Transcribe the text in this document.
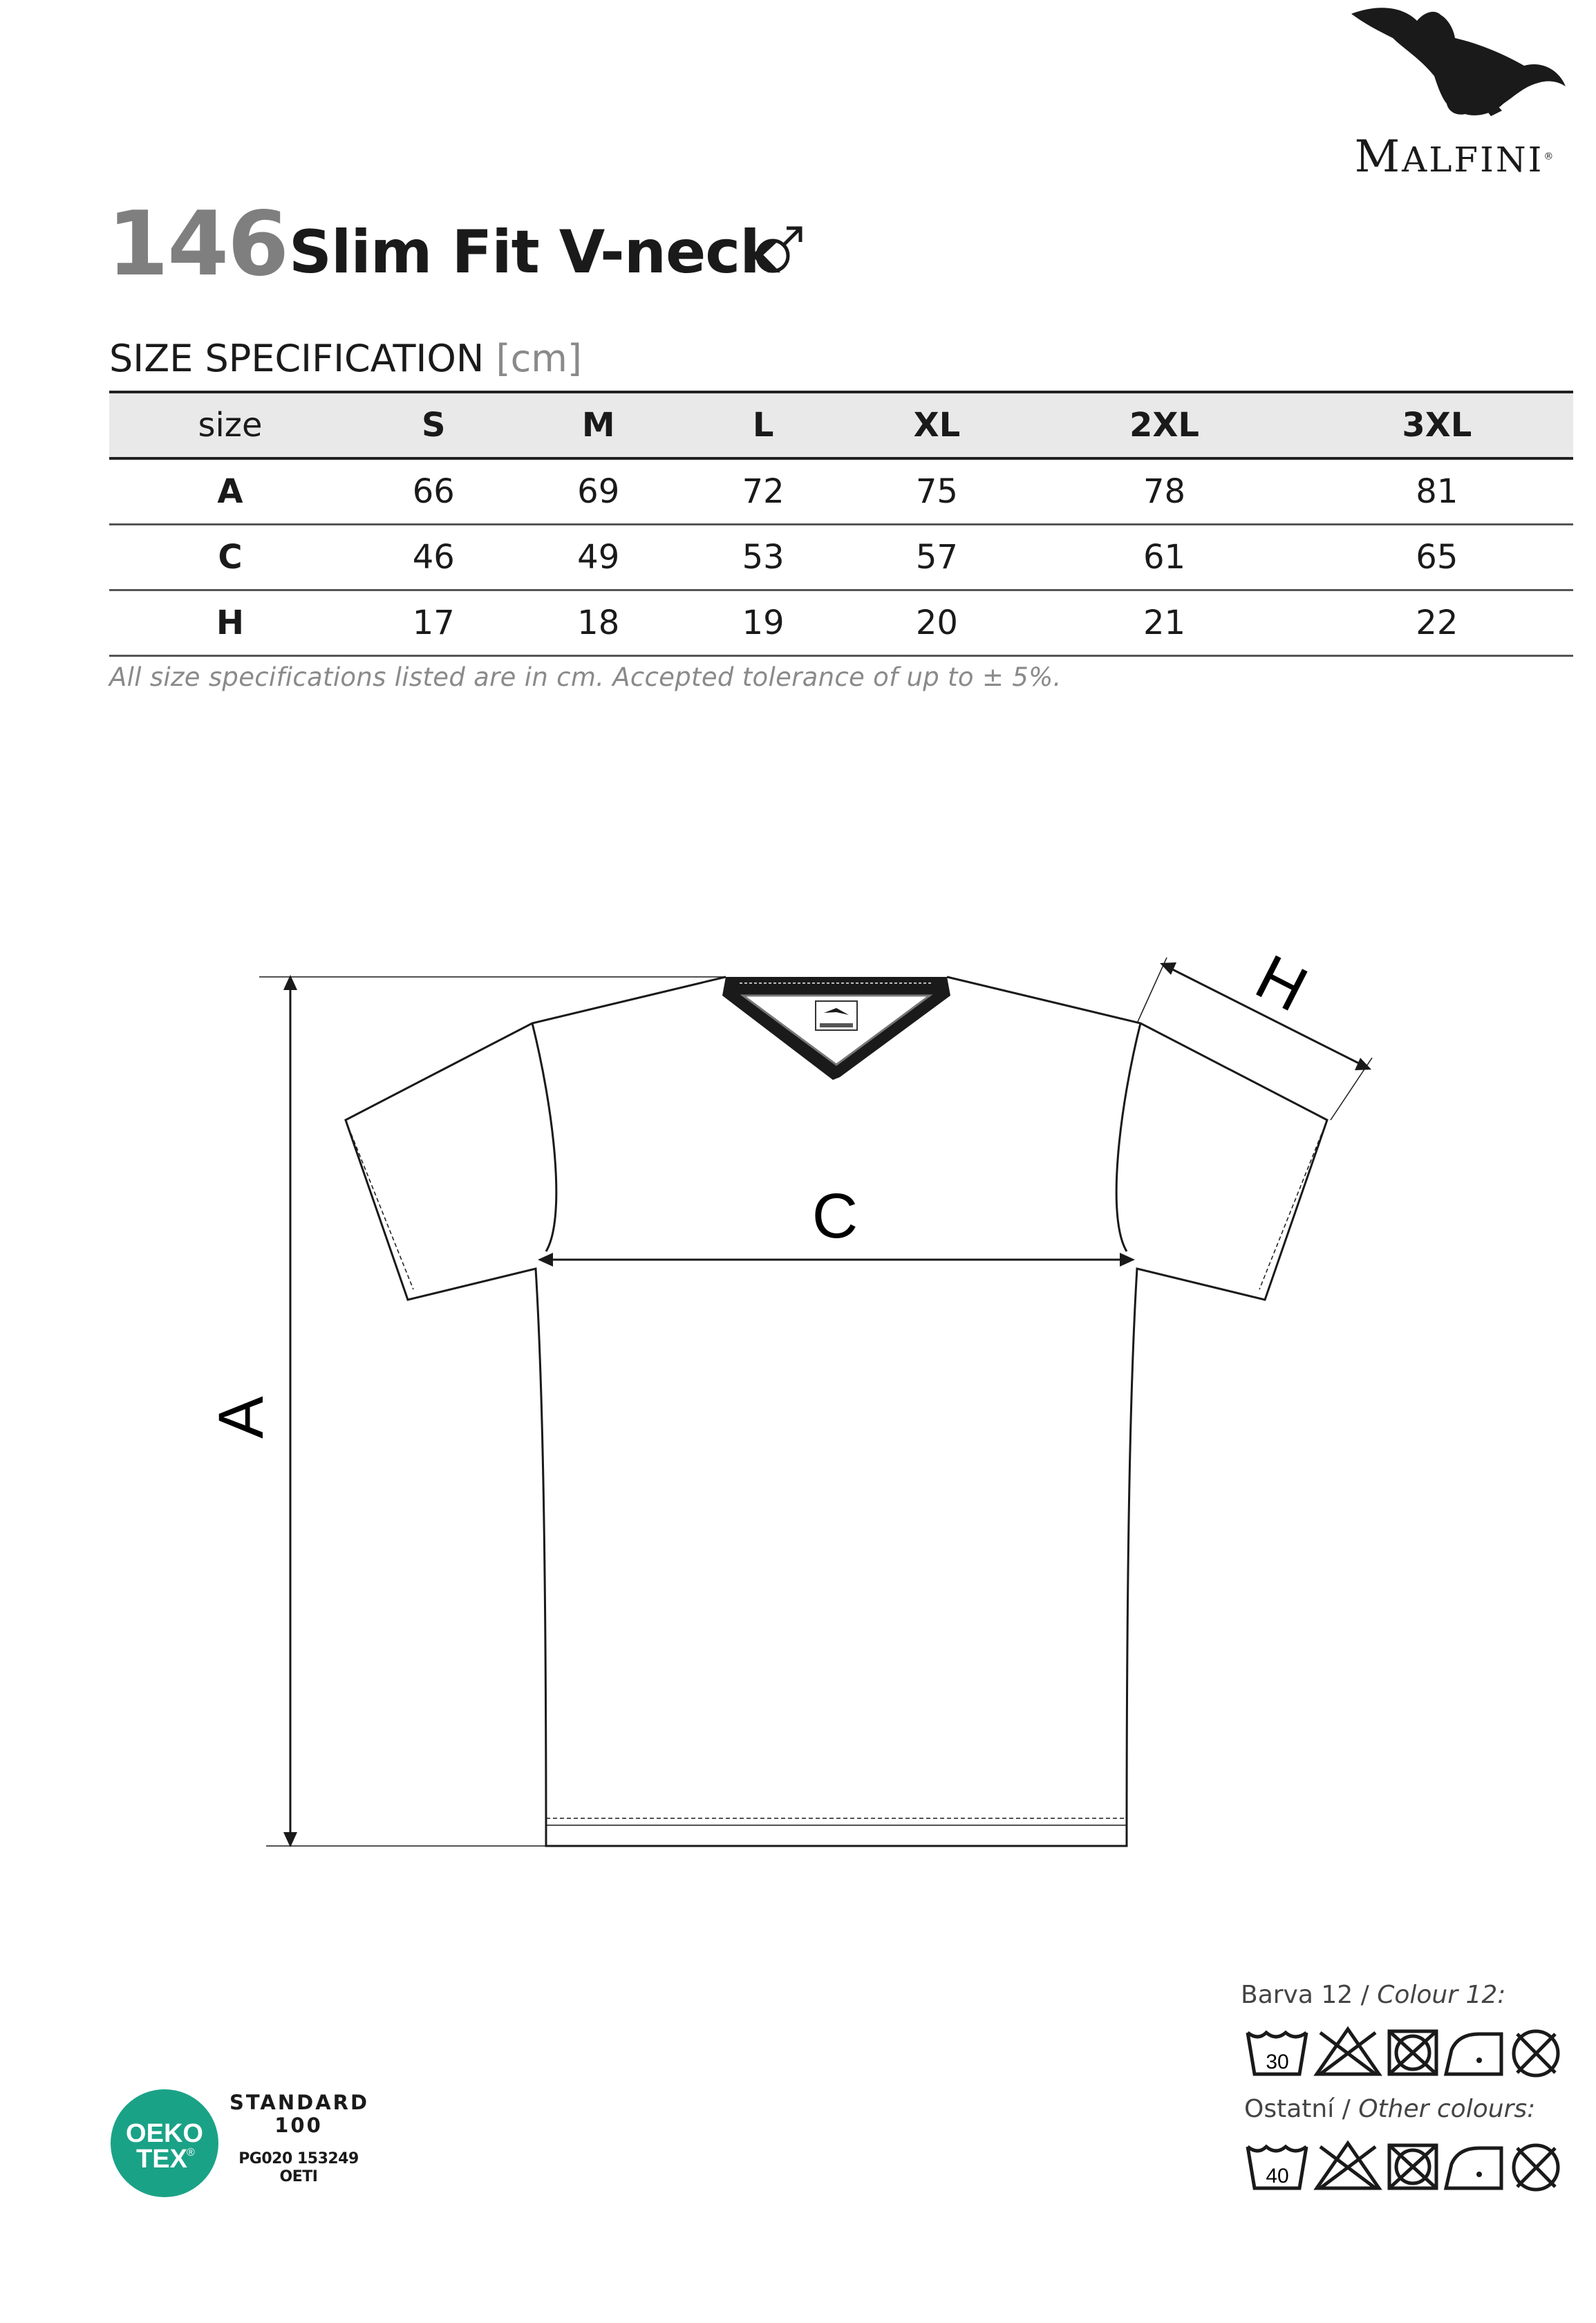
MALFINI®
146 Slim Fit V-neck
SIZE SPECIFICATION [cm]
size	S	M	L	XL	2XL	3XL
A	66	69	72	75	78	81
C	46	49	53	57	61	65
H	17	18	19	20	21	22
All size specifications listed are in cm. Accepted tolerance of up to ± 5%.
A
C
H
Barva 12 / Colour 12:
30
Ostatní / Other colours:
40
OEKO
TEX ®
STANDARD
100
PG020 153249
OETI
